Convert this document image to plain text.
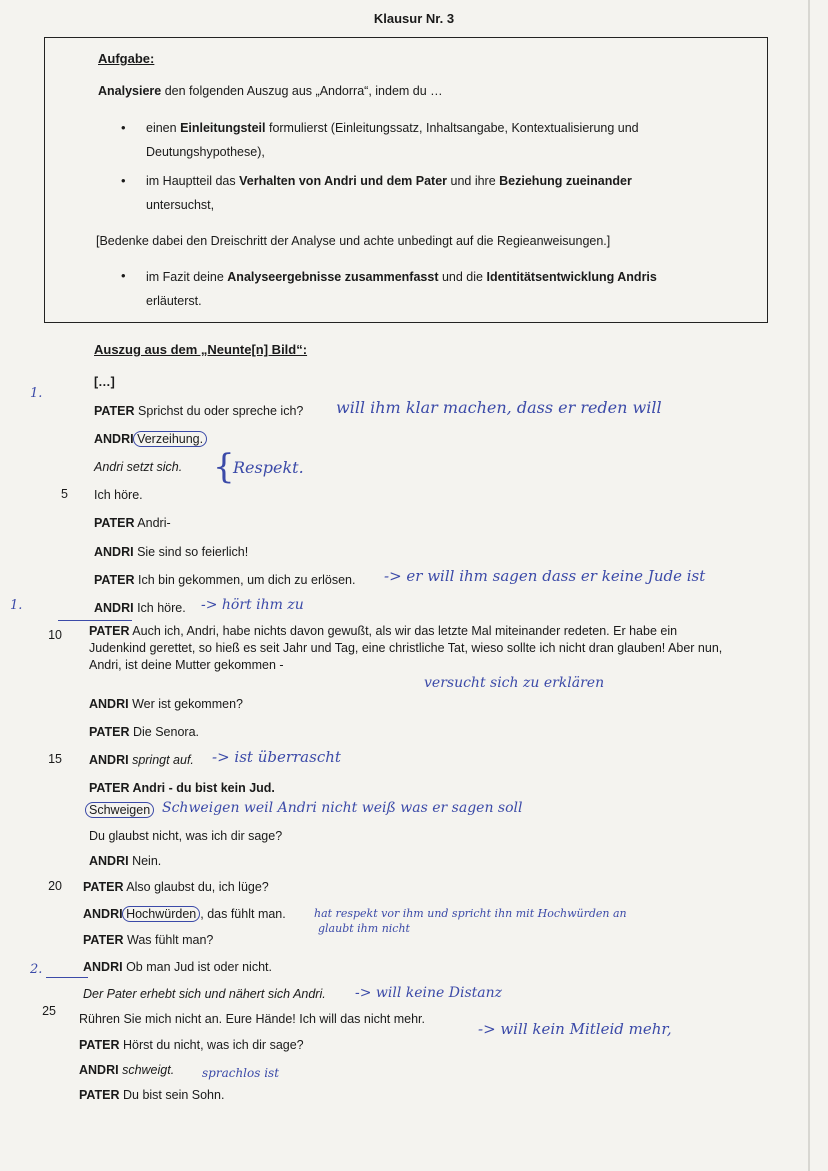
Klausur Nr. 3
Aufgabe:
Analysiere den folgenden Auszug aus „Andorra“, indem du …
• einen Einleitungsteil formulierst (Einleitungssatz, Inhaltsangabe, Kontextualisierung und
Deutungshypothese),
• im Hauptteil das Verhalten von Andri und dem Pater und ihre Beziehung zueinander
untersuchst,
[Bedenke dabei den Dreischritt der Analyse und achte unbedingt auf die Regieanweisungen.]
• im Fazit deine Analyseergebnisse zusammenfasst und die Identitätsentwicklung Andris
erläuterst.
Auszug aus dem „Neunte[n] Bild“:
[…]
1.
1.
2.
5
10
15
20
25
PATER Sprichst du oder spreche ich?
ANDRI Verzeihung.
Andri setzt sich.
Ich höre.
PATER Andri-
ANDRI Sie sind so feierlich!
PATER Ich bin gekommen, um dich zu erlösen.
ANDRI Ich höre.
PATER Auch ich, Andri, habe nichts davon gewußt, als wir das letzte Mal miteinander redeten. Er habe ein Judenkind gerettet, so hieß es seit Jahr und Tag, eine christliche Tat, wieso sollte ich nicht dran glauben! Aber nun, Andri, ist deine Mutter gekommen -
ANDRI Wer ist gekommen?
PATER Die Senora.
ANDRI springt auf.
PATER Andri - du bist kein Jud.
Schweigen
Du glaubst nicht, was ich dir sage?
ANDRI Nein.
PATER Also glaubst du, ich lüge?
ANDRI Hochwürden , das fühlt man.
PATER Was fühlt man?
ANDRI Ob man Jud ist oder nicht.
Der Pater erhebt sich und nähert sich Andri.
Rühren Sie mich nicht an. Eure Hände! Ich will das nicht mehr.
PATER Hörst du nicht, was ich dir sage?
ANDRI schweigt.
PATER Du bist sein Sohn.
will ihm klar machen, dass er reden will
{
Respekt.
-> er will ihm sagen dass er keine Jude ist
-> hört ihm zu
versucht sich zu erklären
-> ist überrascht
Schweigen weil Andri nicht weiß was er sagen soll
hat respekt vor ihm und spricht ihn mit Hochwürden an
glaubt ihm nicht
-> will keine Distanz
-> will kein Mitleid mehr,
sprachlos ist
